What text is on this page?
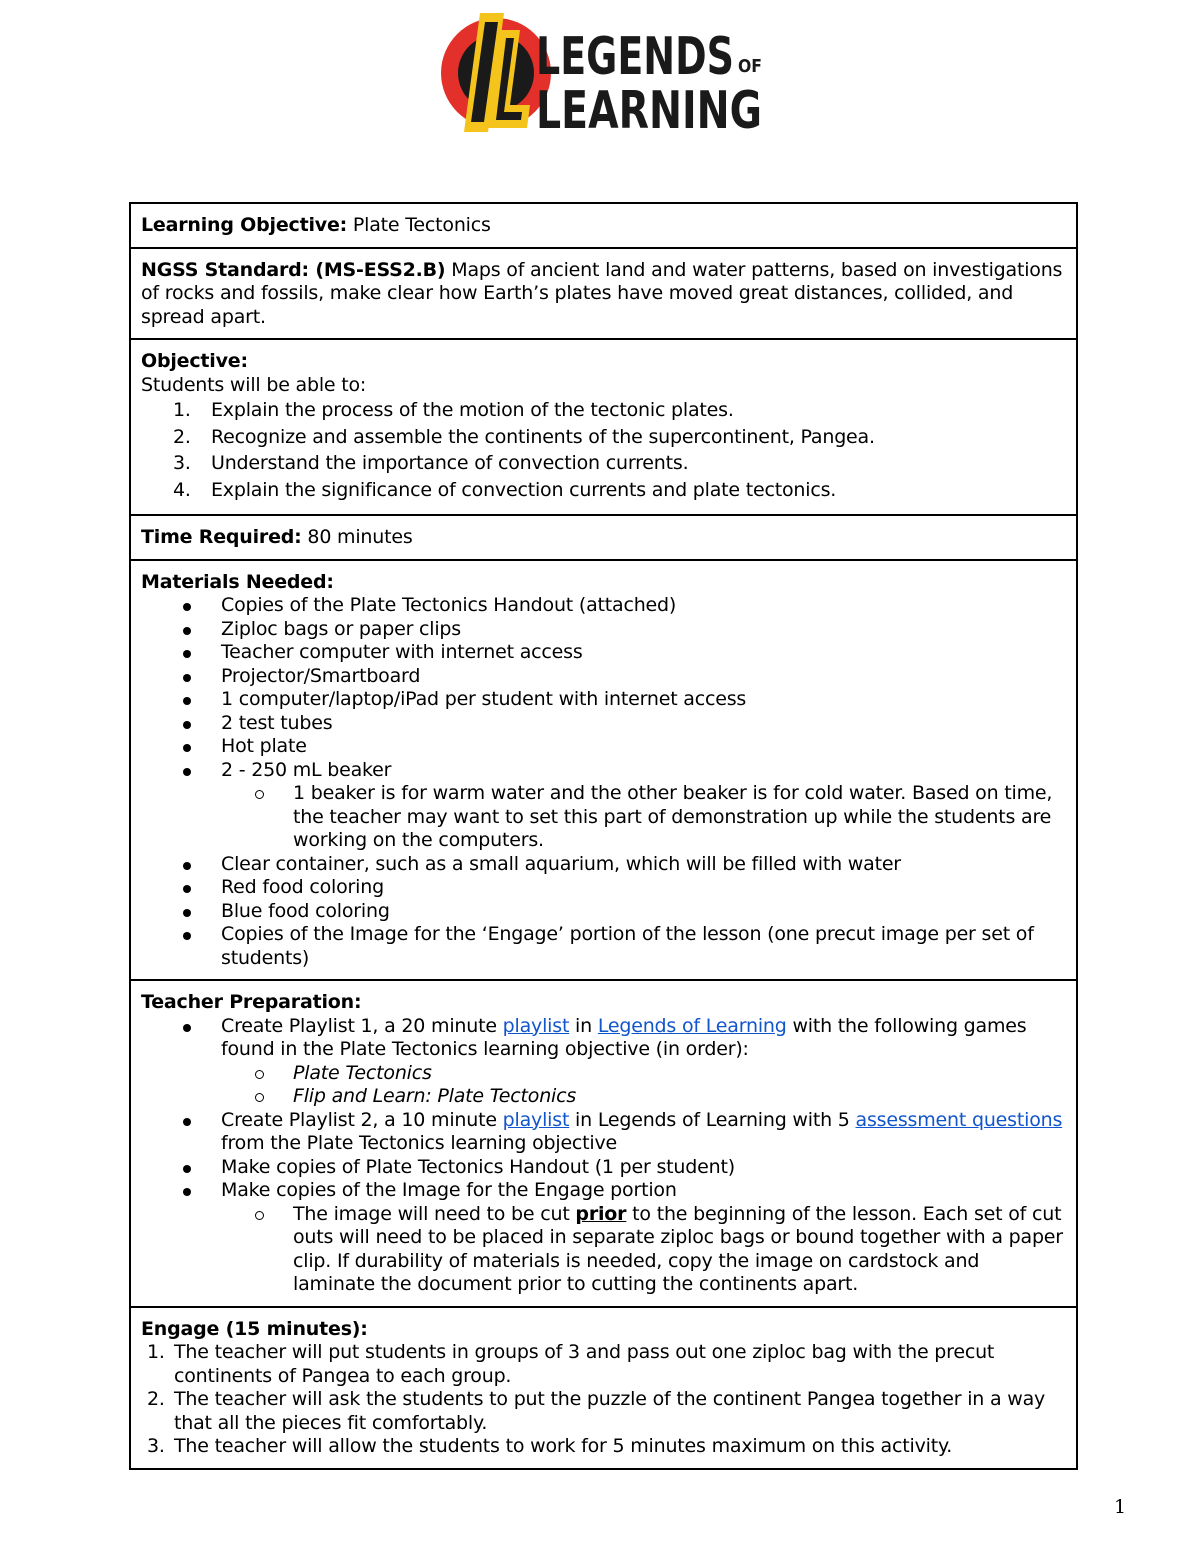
LEGENDS OF
LEARNING
Learning Objective: Plate Tectonics
NGSS Standard: (MS-ESS2.B) Maps of ancient land and water patterns, based on investigations of rocks and fossils, make clear how Earth’s plates have moved great distances, collided, and spread apart.
Objective:
Students will be able to:
1.	Explain the process of the motion of the tectonic plates.
2.	Recognize and assemble the continents of the supercontinent, Pangea.
3.	Understand the importance of convection currents.
4.	Explain the significance of convection currents and plate tectonics.
Time Required: 80 minutes
Materials Needed:
Copies of the Plate Tectonics Handout (attached)
Ziploc bags or paper clips
Teacher computer with internet access
Projector/Smartboard
1 computer/laptop/iPad per student with internet access
2 test tubes
Hot plate
2 - 250 mL beaker
1 beaker is for warm water and the other beaker is for cold water. Based on time, the teacher may want to set this part of demonstration up while the students are working on the computers.
Clear container, such as a small aquarium, which will be filled with water
Red food coloring
Blue food coloring
Copies of the Image for the ‘Engage’ portion of the lesson (one precut image per set of students)
Teacher Preparation:
Create Playlist 1, a 20 minute playlist in Legends of Learning with the following games found in the Plate Tectonics learning objective (in order):
Plate Tectonics
Flip and Learn: Plate Tectonics
Create Playlist 2, a 10 minute playlist in Legends of Learning with 5 assessment questions from the Plate Tectonics learning objective
Make copies of Plate Tectonics Handout (1 per student)
Make copies of the Image for the Engage portion
The image will need to be cut prior to the beginning of the lesson. Each set of cut outs will need to be placed in separate ziploc bags or bound together with a paper clip. If durability of materials is needed, copy the image on cardstock and laminate the document prior to cutting the continents apart.
Engage (15 minutes):
1. The teacher will put students in groups of 3 and pass out one ziploc bag with the precut continents of Pangea to each group.
2. The teacher will ask the students to put the puzzle of the continent Pangea together in a way that all the pieces fit comfortably.
3. The teacher will allow the students to work for 5 minutes maximum on this activity.
1
